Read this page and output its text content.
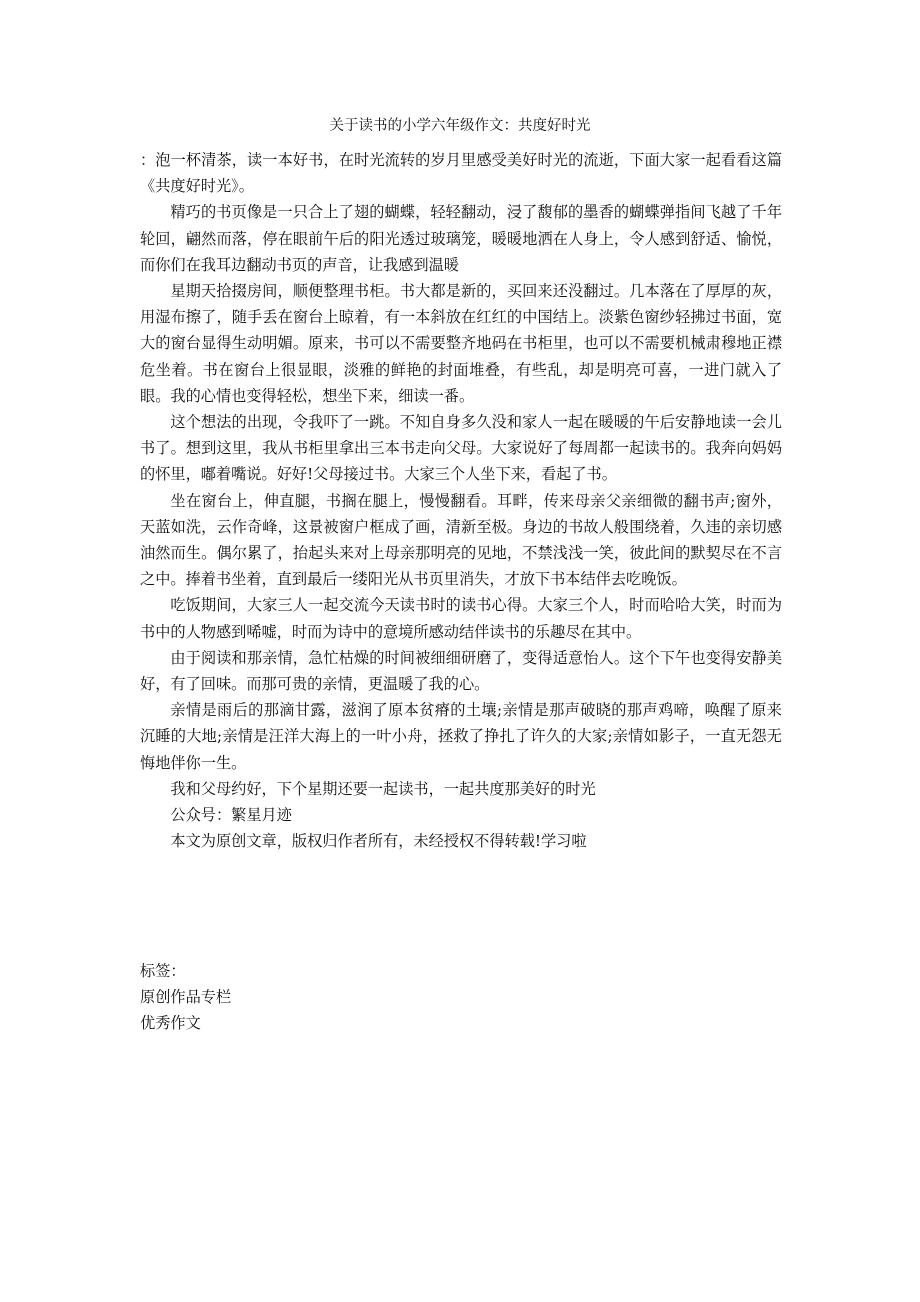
关于读书的小学六年级作文：共度好时光

：泡一杯清茶，读一本好书，在时光流转的岁月里感受美好时光的流逝，下面大家一起看看这篇《共度好时光》。

精巧的书页像是一只合上了翅的蝴蝶，轻轻翻动，浸了馥郁的墨香的蝴蝶弹指间飞越了千年轮回，翩然而落，停在眼前午后的阳光透过玻璃笼，暖暖地洒在人身上，令人感到舒适、愉悦，而你们在我耳边翻动书页的声音，让我感到温暖

星期天拾掇房间，顺便整理书柜。书大都是新的，买回来还没翻过。几本落在了厚厚的灰，用湿布擦了，随手丢在窗台上晾着，有一本斜放在红红的中国结上。淡紫色窗纱轻拂过书面，宽大的窗台显得生动明媚。原来，书可以不需要整齐地码在书柜里，也可以不需要机械肃穆地正襟危坐着。书在窗台上很显眼，淡雅的鲜艳的封面堆叠，有些乱，却是明亮可喜，一进门就入了眼。我的心情也变得轻松，想坐下来，细读一番。

这个想法的出现，令我吓了一跳。不知自身多久没和家人一起在暖暖的午后安静地读一会儿书了。想到这里，我从书柜里拿出三本书走向父母。大家说好了每周都一起读书的。我奔向妈妈的怀里，嘟着嘴说。好好!父母接过书。大家三个人坐下来，看起了书。

坐在窗台上，伸直腿，书搁在腿上，慢慢翻看。耳畔，传来母亲父亲细微的翻书声;窗外，天蓝如洗，云作奇峰，这景被窗户框成了画，清新至极。身边的书故人般围绕着，久违的亲切感油然而生。偶尔累了，抬起头来对上母亲那明亮的见地，不禁浅浅一笑，彼此间的默契尽在不言之中。捧着书坐着，直到最后一缕阳光从书页里消失，才放下书本结伴去吃晚饭。

吃饭期间，大家三人一起交流今天读书时的读书心得。大家三个人，时而哈哈大笑，时而为书中的人物感到唏嘘，时而为诗中的意境所感动结伴读书的乐趣尽在其中。

由于阅读和那亲情，急忙枯燥的时间被细细研磨了，变得适意怡人。这个下午也变得安静美好，有了回味。而那可贵的亲情，更温暖了我的心。

亲情是雨后的那滴甘露，滋润了原本贫瘠的土壤;亲情是那声破晓的那声鸡啼，唤醒了原来沉睡的大地;亲情是汪洋大海上的一叶小舟，拯救了挣扎了许久的大家;亲情如影子，一直无怨无悔地伴你一生。

我和父母约好，下个星期还要一起读书，一起共度那美好的时光

公众号：繁星月迹

本文为原创文章，版权归作者所有，未经授权不得转载!学习啦

标签：
原创作品专栏
优秀作文
